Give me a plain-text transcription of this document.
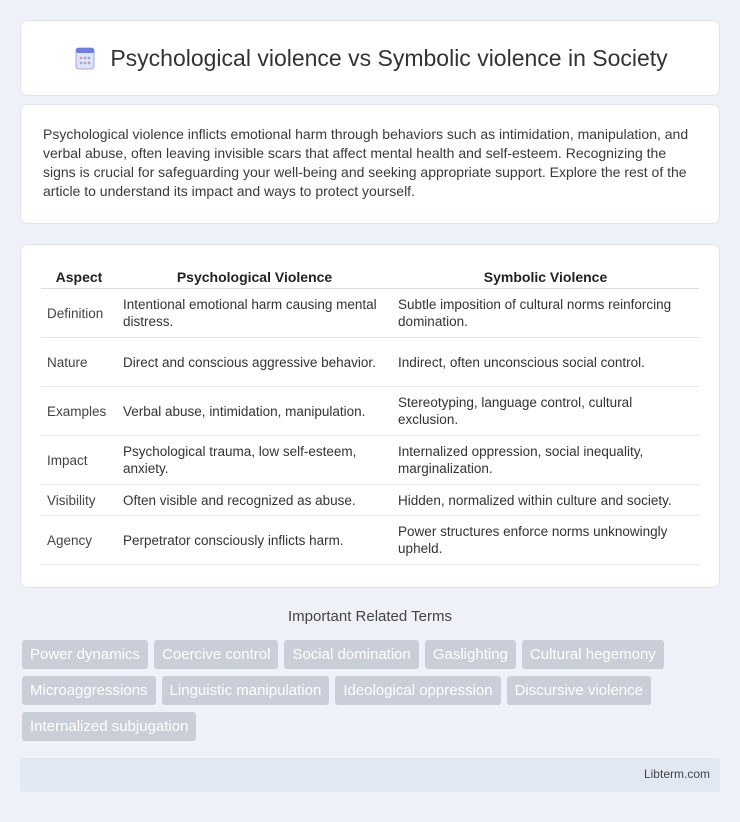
Psychological violence vs Symbolic violence in Society

Psychological violence inflicts emotional harm through behaviors such as intimidation, manipulation, and verbal abuse, often leaving invisible scars that affect mental health and self-esteem. Recognizing the signs is crucial for safeguarding your well-being and seeking appropriate support. Explore the rest of the article to understand its impact and ways to protect yourself.

Aspect	Psychological Violence	Symbolic Violence
Definition	Intentional emotional harm causing mental distress.	Subtle imposition of cultural norms reinforcing domination.
Nature	Direct and conscious aggressive behavior.	Indirect, often unconscious social control.
Examples	Verbal abuse, intimidation, manipulation.	Stereotyping, language control, cultural exclusion.
Impact	Psychological trauma, low self-esteem, anxiety.	Internalized oppression, social inequality, marginalization.
Visibility	Often visible and recognized as abuse.	Hidden, normalized within culture and society.
Agency	Perpetrator consciously inflicts harm.	Power structures enforce norms unknowingly upheld.
Important Related Terms
Power dynamics	Coercive control	Social domination	Gaslighting	Cultural hegemony
Microaggressions	Linguistic manipulation	Ideological oppression	Discursive violence
Internalized subjugation
Libterm.com
